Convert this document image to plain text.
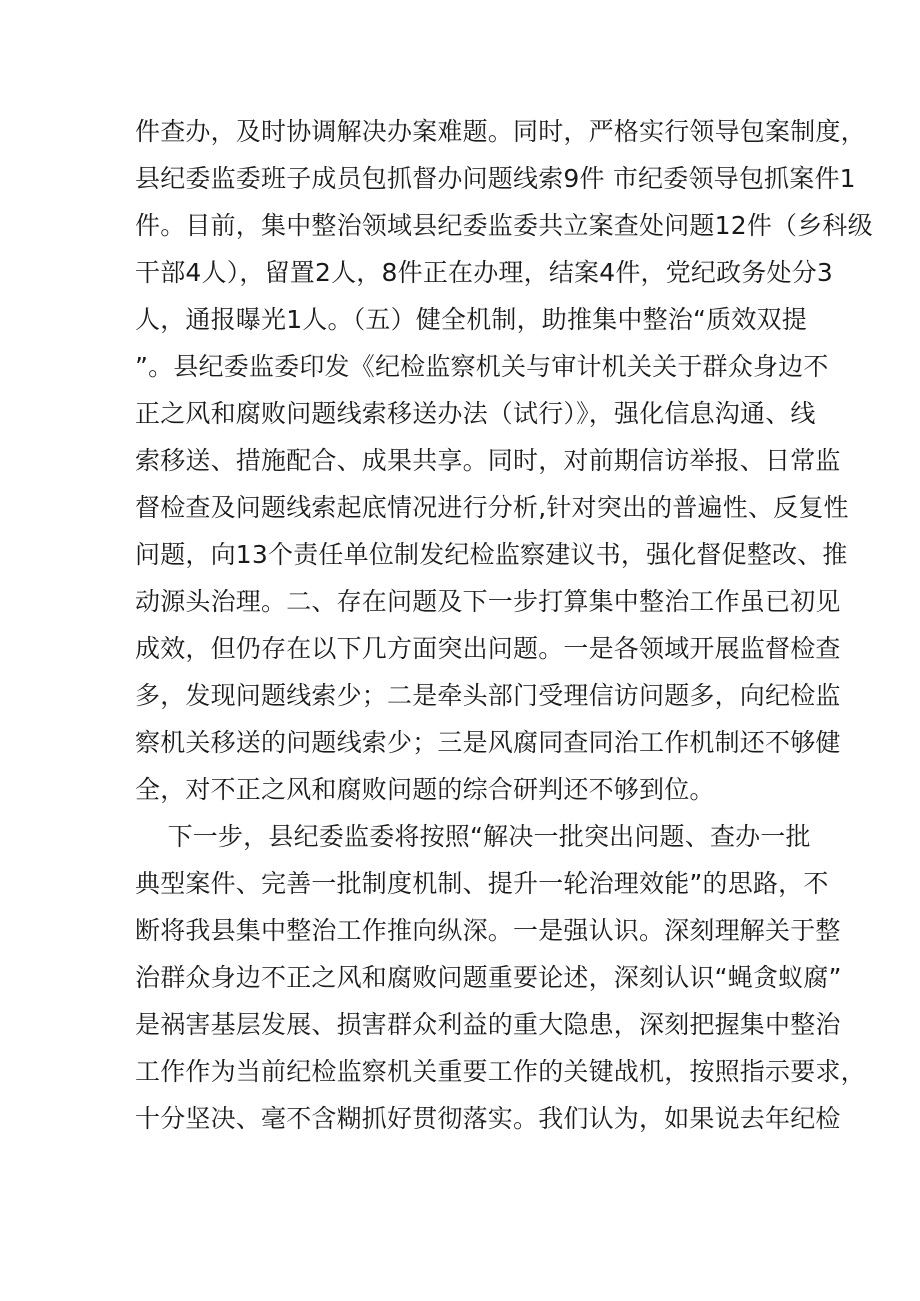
件查办，及时协调解决办案难题。同时，严格实行领导包案制度，
县纪委监委班子成员包抓督办问题线索9件 市纪委领导包抓案件1
件。目前，集中整治领域县纪委监委共立案查处问题12件（乡科级
干部4人），留置2人，8件正在办理，结案4件，党纪政务处分3
人，通报曝光1人。（五）健全机制，助推集中整治“质效双提
”。县纪委监委印发《纪检监察机关与审计机关关于群众身边不
正之风和腐败问题线索移送办法（试行）》，强化信息沟通、线
索移送、措施配合、成果共享。同时，对前期信访举报、日常监
督检查及问题线索起底情况进行分析,针对突出的普遍性、反复性
问题，向13个责任单位制发纪检监察建议书，强化督促整改、推
动源头治理。二、存在问题及下一步打算集中整治工作虽已初见
成效，但仍存在以下几方面突出问题。一是各领域开展监督检查
多，发现问题线索少；二是牵头部门受理信访问题多，向纪检监
察机关移送的问题线索少；三是风腐同查同治工作机制还不够健
全，对不正之风和腐败问题的综合研判还不够到位。
下一步，县纪委监委将按照“解决一批突出问题、查办一批
典型案件、完善一批制度机制、提升一轮治理效能”的思路，不
断将我县集中整治工作推向纵深。一是强认识。深刻理解关于整
治群众身边不正之风和腐败问题重要论述，深刻认识“蝇贪蚁腐”
是祸害基层发展、损害群众利益的重大隐患，深刻把握集中整治
工作作为当前纪检监察机关重要工作的关键战机，按照指示要求，
十分坚决、毫不含糊抓好贯彻落实。我们认为，如果说去年纪检
